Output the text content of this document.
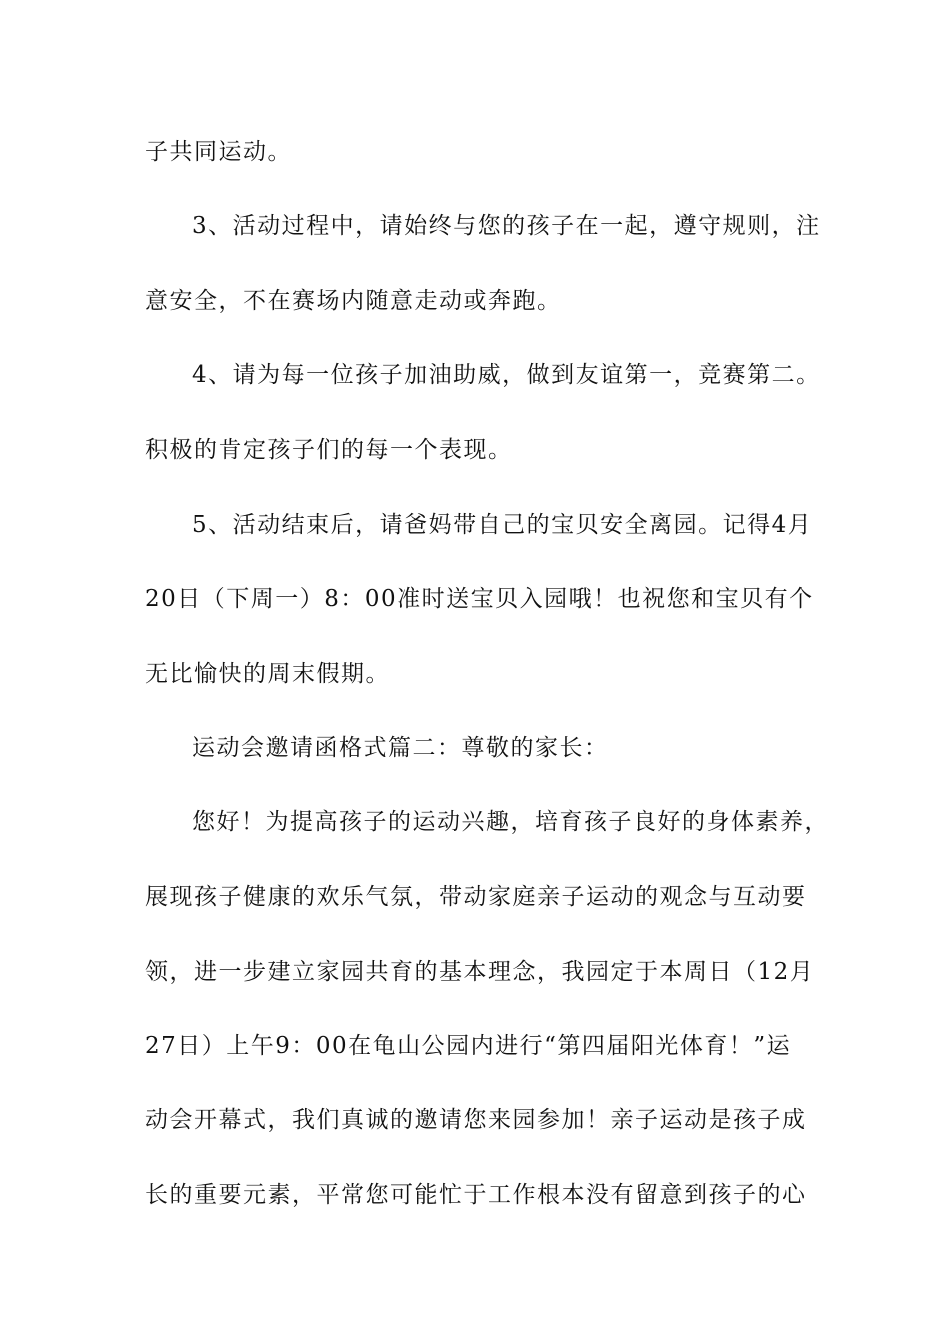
子共同运动。
3、活动过程中，请始终与您的孩子在一起，遵守规则，注
意安全，不在赛场内随意走动或奔跑。
4、请为每一位孩子加油助威，做到友谊第一，竞赛第二。
积极的肯定孩子们的每一个表现。
5、活动结束后，请爸妈带自己的宝贝安全离园。记得4月
20日（下周一）8：00准时送宝贝入园哦！也祝您和宝贝有个
无比愉快的周末假期。
运动会邀请函格式篇二：尊敬的家长：
您好！为提高孩子的运动兴趣，培育孩子良好的身体素养，
展现孩子健康的欢乐气氛，带动家庭亲子运动的观念与互动要
领，进一步建立家园共育的基本理念，我园定于本周日（12月
27日）上午9：00在龟山公园内进行“第四届阳光体育！”运
动会开幕式，我们真诚的邀请您来园参加！亲子运动是孩子成
长的重要元素，平常您可能忙于工作根本没有留意到孩子的心
